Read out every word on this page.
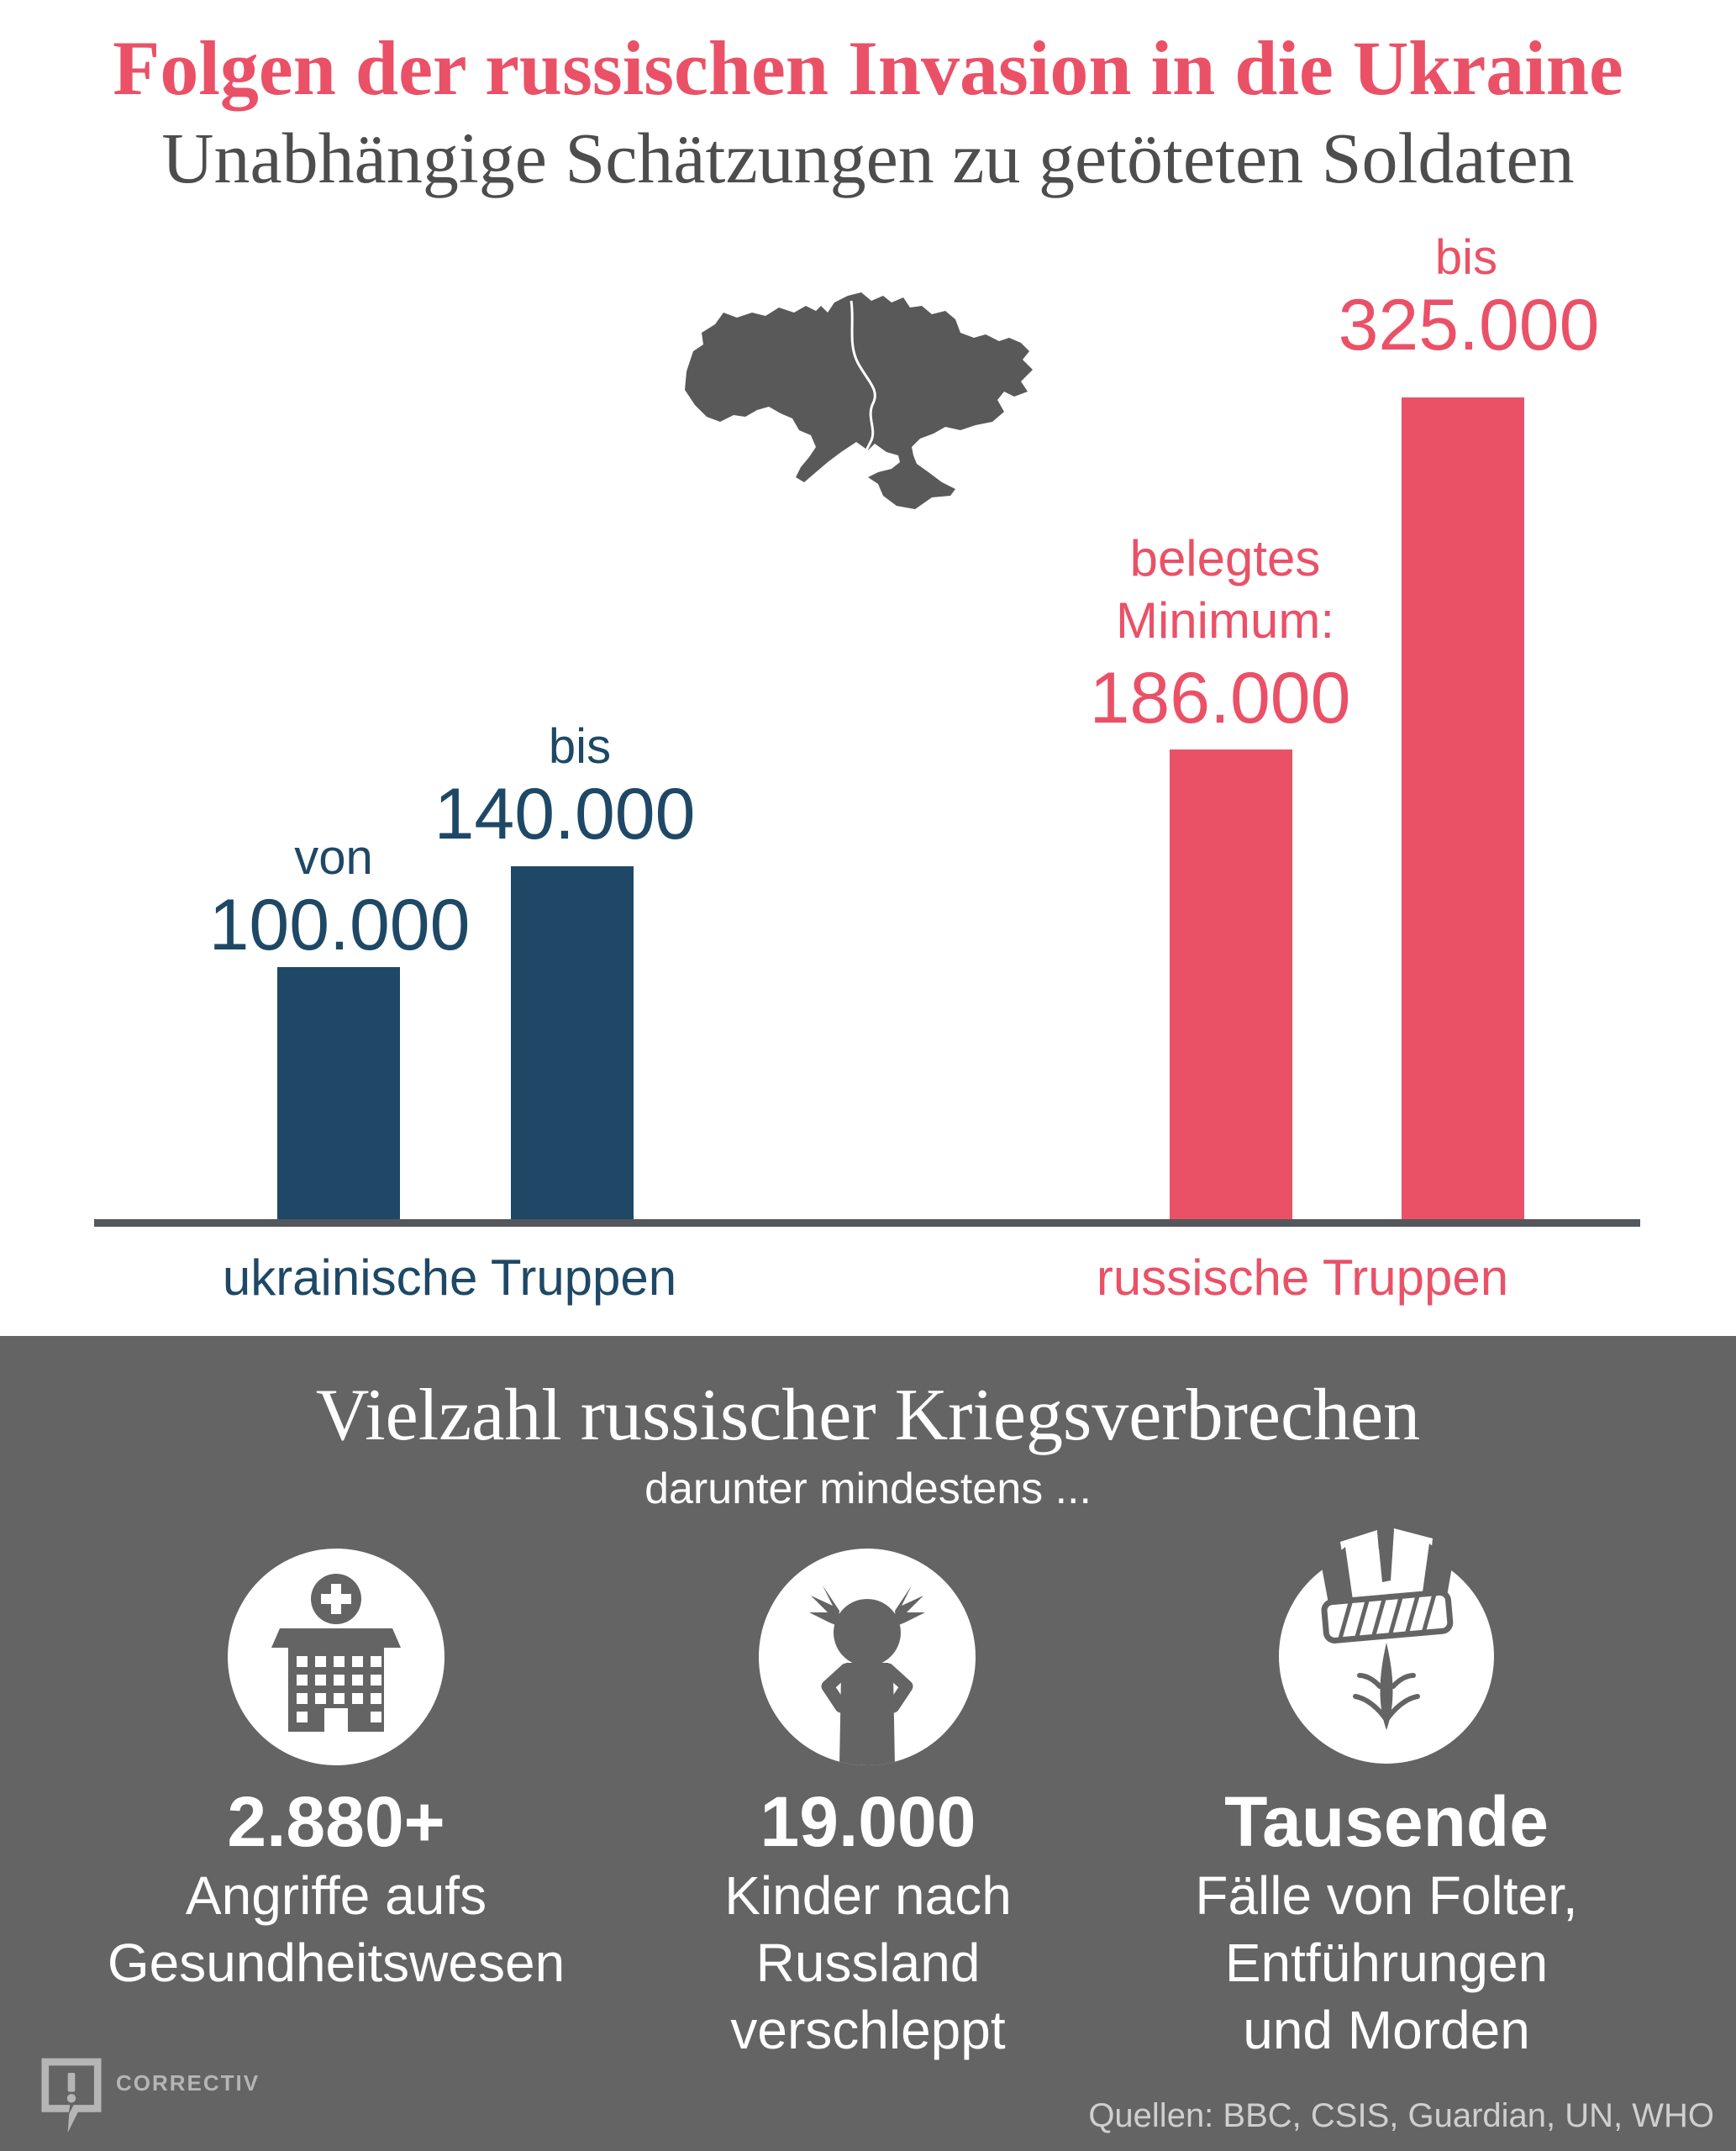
Folgen der russischen Invasion in die Ukraine
Unabhängige Schätzungen zu getöteten Soldaten
von
100.000
bis
140.000
belegtes
Minimum:
186.000
bis
325.000
ukrainische Truppen	russische Truppen
Vielzahl russischer Kriegsverbrechen
darunter mindestens ...
2.880+
Angriffe aufs
Gesundheitswesen
19.000
Kinder nach
Russland
verschleppt
Tausende
Fälle von Folter,
Entführungen
und Morden
CORRECTIV
Quellen: BBC, CSIS, Guardian, UN, WHO
